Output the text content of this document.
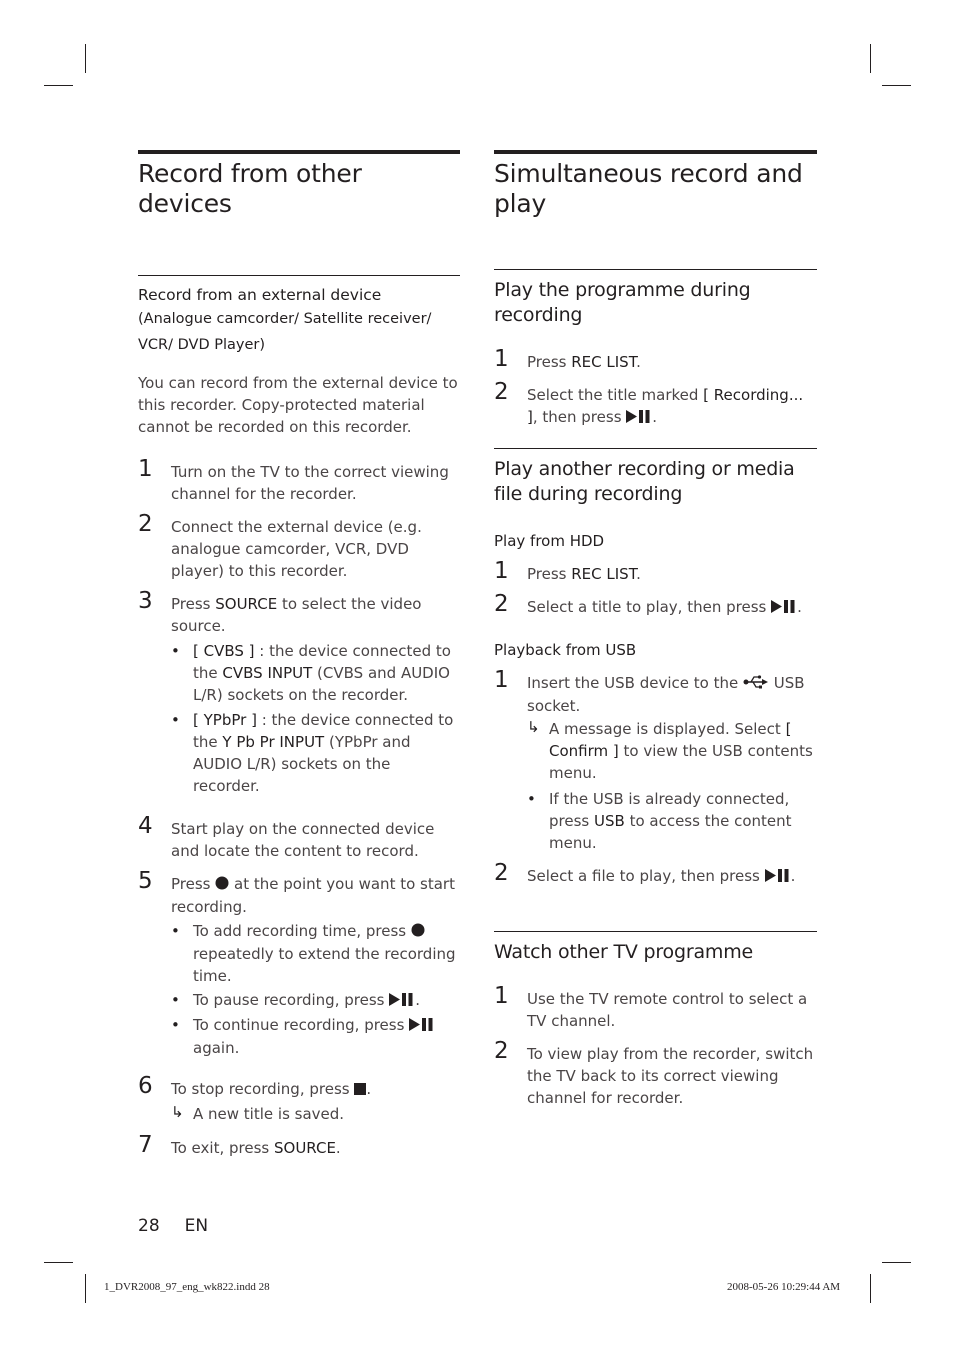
Record from other devices
Record from an external device
(Analogue camcorder/ Satellite receiver/ VCR/ DVD Player)
You can record from the external device to this recorder. Copy-protected material cannot be recorded on this recorder.
1 Turn on the TV to the correct viewing channel for the recorder.
2 Connect the external device (e.g. analogue camcorder, VCR, DVD player) to this recorder.
3 Press SOURCE to select the video source.
• [ CVBS ] : the device connected to the CVBS INPUT (CVBS and AUDIO L/R) sockets on the recorder.
• [ YPbPr ] : the device connected to the Y Pb Pr INPUT (YPbPr and AUDIO L/R) sockets on the recorder.
4 Start play on the connected device and locate the content to record.
5 Press  at the point you want to start recording.
• To add recording time, press  repeatedly to extend the recording time.
• To pause recording, press .
• To continue recording, press  again.
6 To stop recording, press .
↳ A new title is saved.
7 To exit, press SOURCE.
Simultaneous record and play
Play the programme during recording
1 Press REC LIST.
2 Select the title marked [ Recording... ], then press .
Play another recording or media file during recording
Play from HDD
1 Press REC LIST.
2 Select a title to play, then press .
Playback from USB
1 Insert the USB device to the  USB socket.
↳ A message is displayed. Select [ Confirm ] to view the USB contents menu.
• If the USB is already connected, press USB to access the content menu.
2 Select a file to play, then press .
Watch other TV programme
1 Use the TV remote control to select a TV channel.
2 To view play from the recorder, switch the TV back to its correct viewing channel for recorder.
28 EN
1_DVR2008_97_eng_wk822.indd 28	2008-05-26 10:29:44 AM
